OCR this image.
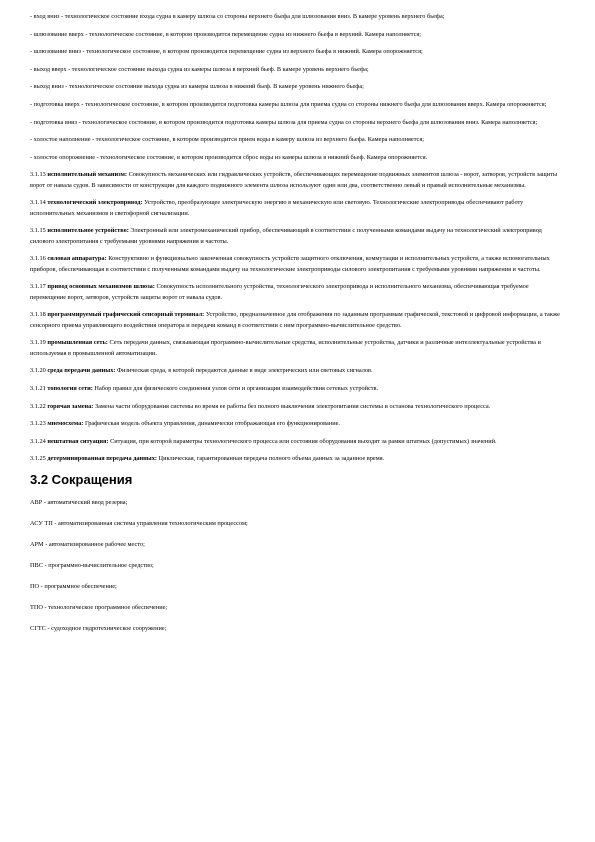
- вход вниз - технологическое состояние входа судна в камеру шлюза со стороны верхнего бьефа для шлюзования вниз. В камере уровень верхнего бьефа;

- шлюзование вверх - технологическое состояние, в котором производится перемещение судна из нижнего бьефа в верхний. Камера наполняется;

- шлюзование вниз - технологическое состояние, в котором производится перемещение судна из верхнего бьефа в нижний. Камера опорожняется;

- выход вверх - технологическое состояние выхода судна из камеры шлюза в верхний бьеф. В камере уровень верхнего бьефа;

- выход вниз - технологическое состояние выхода судна из камеры шлюза в нижний бьеф. В камере уровень нижнего бьефа;

- подготовка вверх - технологическое состояние, в котором производится подготовка камеры шлюза для приема судна со стороны нижнего бьефа для шлюзования вверх. Камера опорожняется;

- подготовка вниз - технологическое состояние, в котором производится подготовка камеры шлюза для приема судна со стороны верхнего бьефа для шлюзования вниз. Камера наполняется;

- холостое наполнение - технологическое состояние, в котором производится прием воды в камеру шлюза из верхнего бьефа. Камера наполняется;

- холостое опорожнение - технологическое состояние, в котором производится сброс воды из камеры шлюза в нижний бьеф. Камера опорожняется.

3.1.13 исполнительный механизм: Совокупность механических или гидравлических устройств, обеспечивающих перемещение подвижных элементов шлюза - ворот, затворов, устройств защиты ворот от навала судов. В зависимости от конструкции для каждого подвижного элемента шлюза используют один или два, соответственно левый и правый исполнительные механизмы.

3.1.14 технологический электропривод: Устройство, преобразующее электрическую энергию в механическую или световую. Технологические электроприводы обеспечивают работу исполнительных механизмов и светофорной сигнализации.

3.1.15 исполнительное устройство: Электронный или электромеханический прибор, обеспечивающий в соответствии с полученными командами выдачу на технологический электропривод силового электропитания с требуемыми уровнями напряжения и частоты.

3.1.16 силовая аппаратура: Конструктивно и функционально законченная совокупность устройств защитного отключения, коммутации и исполнительных устройств, а также вспомогательных приборов, обеспечивающая в соответствии с полученными командами выдачу на технологические электроприводы силового электропитания с требуемыми уровнями напряжения и частоты.

3.1.17 привод основных механизмов шлюза: Совокупность исполнительного устройства, технологического электропривода и исполнительного механизма, обеспечивающая требуемое перемещение ворот, затворов, устройств защиты ворот от навала судов.

3.1.18 программируемый графический сенсорный терминал: Устройство, предназначенное для отображения по заданным программам графической, текстовой и цифровой информации, а также сенсорного приема управляющего воздействия оператора и передачи команд в соответствии с ним программно-вычислительное средство.

3.1.19 промышленная сеть: Сеть передачи данных, связывающая программно-вычислительные средства, исполнительные устройства, датчики и различные интеллектуальные устройства и используемая в промышленной автоматизации.

3.1.20 среда передачи данных: Физическая среда, в которой передаются данные в виде электрических или световых сигналов.

3.1.21 топология сети: Набор правил для физического соединения узлов сети и организации взаимодействия сетевых устройств.

3.1.22 горячая замена: Замена части оборудования системы во время ее работы без полного выключения электропитания системы и останова технологического процесса.

3.1.23 мнемосхема: Графическая модель объекта управления, динамически отображающая его функционирование.

3.1.24 нештатная ситуация: Ситуация, при которой параметры технологического процесса или состояния оборудования выходят за рамки штатных (допустимых) значений.

3.1.25 детерминированная передача данных: Циклическая, гарантированная передача полного объема данных за заданное время.

3.2 Сокращения

АВР - автоматический ввод резерва;

АСУ ТП - автоматизированная система управления технологическим процессом;

АРМ - автоматизированное рабочее место;

ПВС - программно-вычислительное средство;

ПО - программное обеспечение;

ТПО - технологическое программное обеспечение;

СГТС - судоходное гидротехническое сооружение;
